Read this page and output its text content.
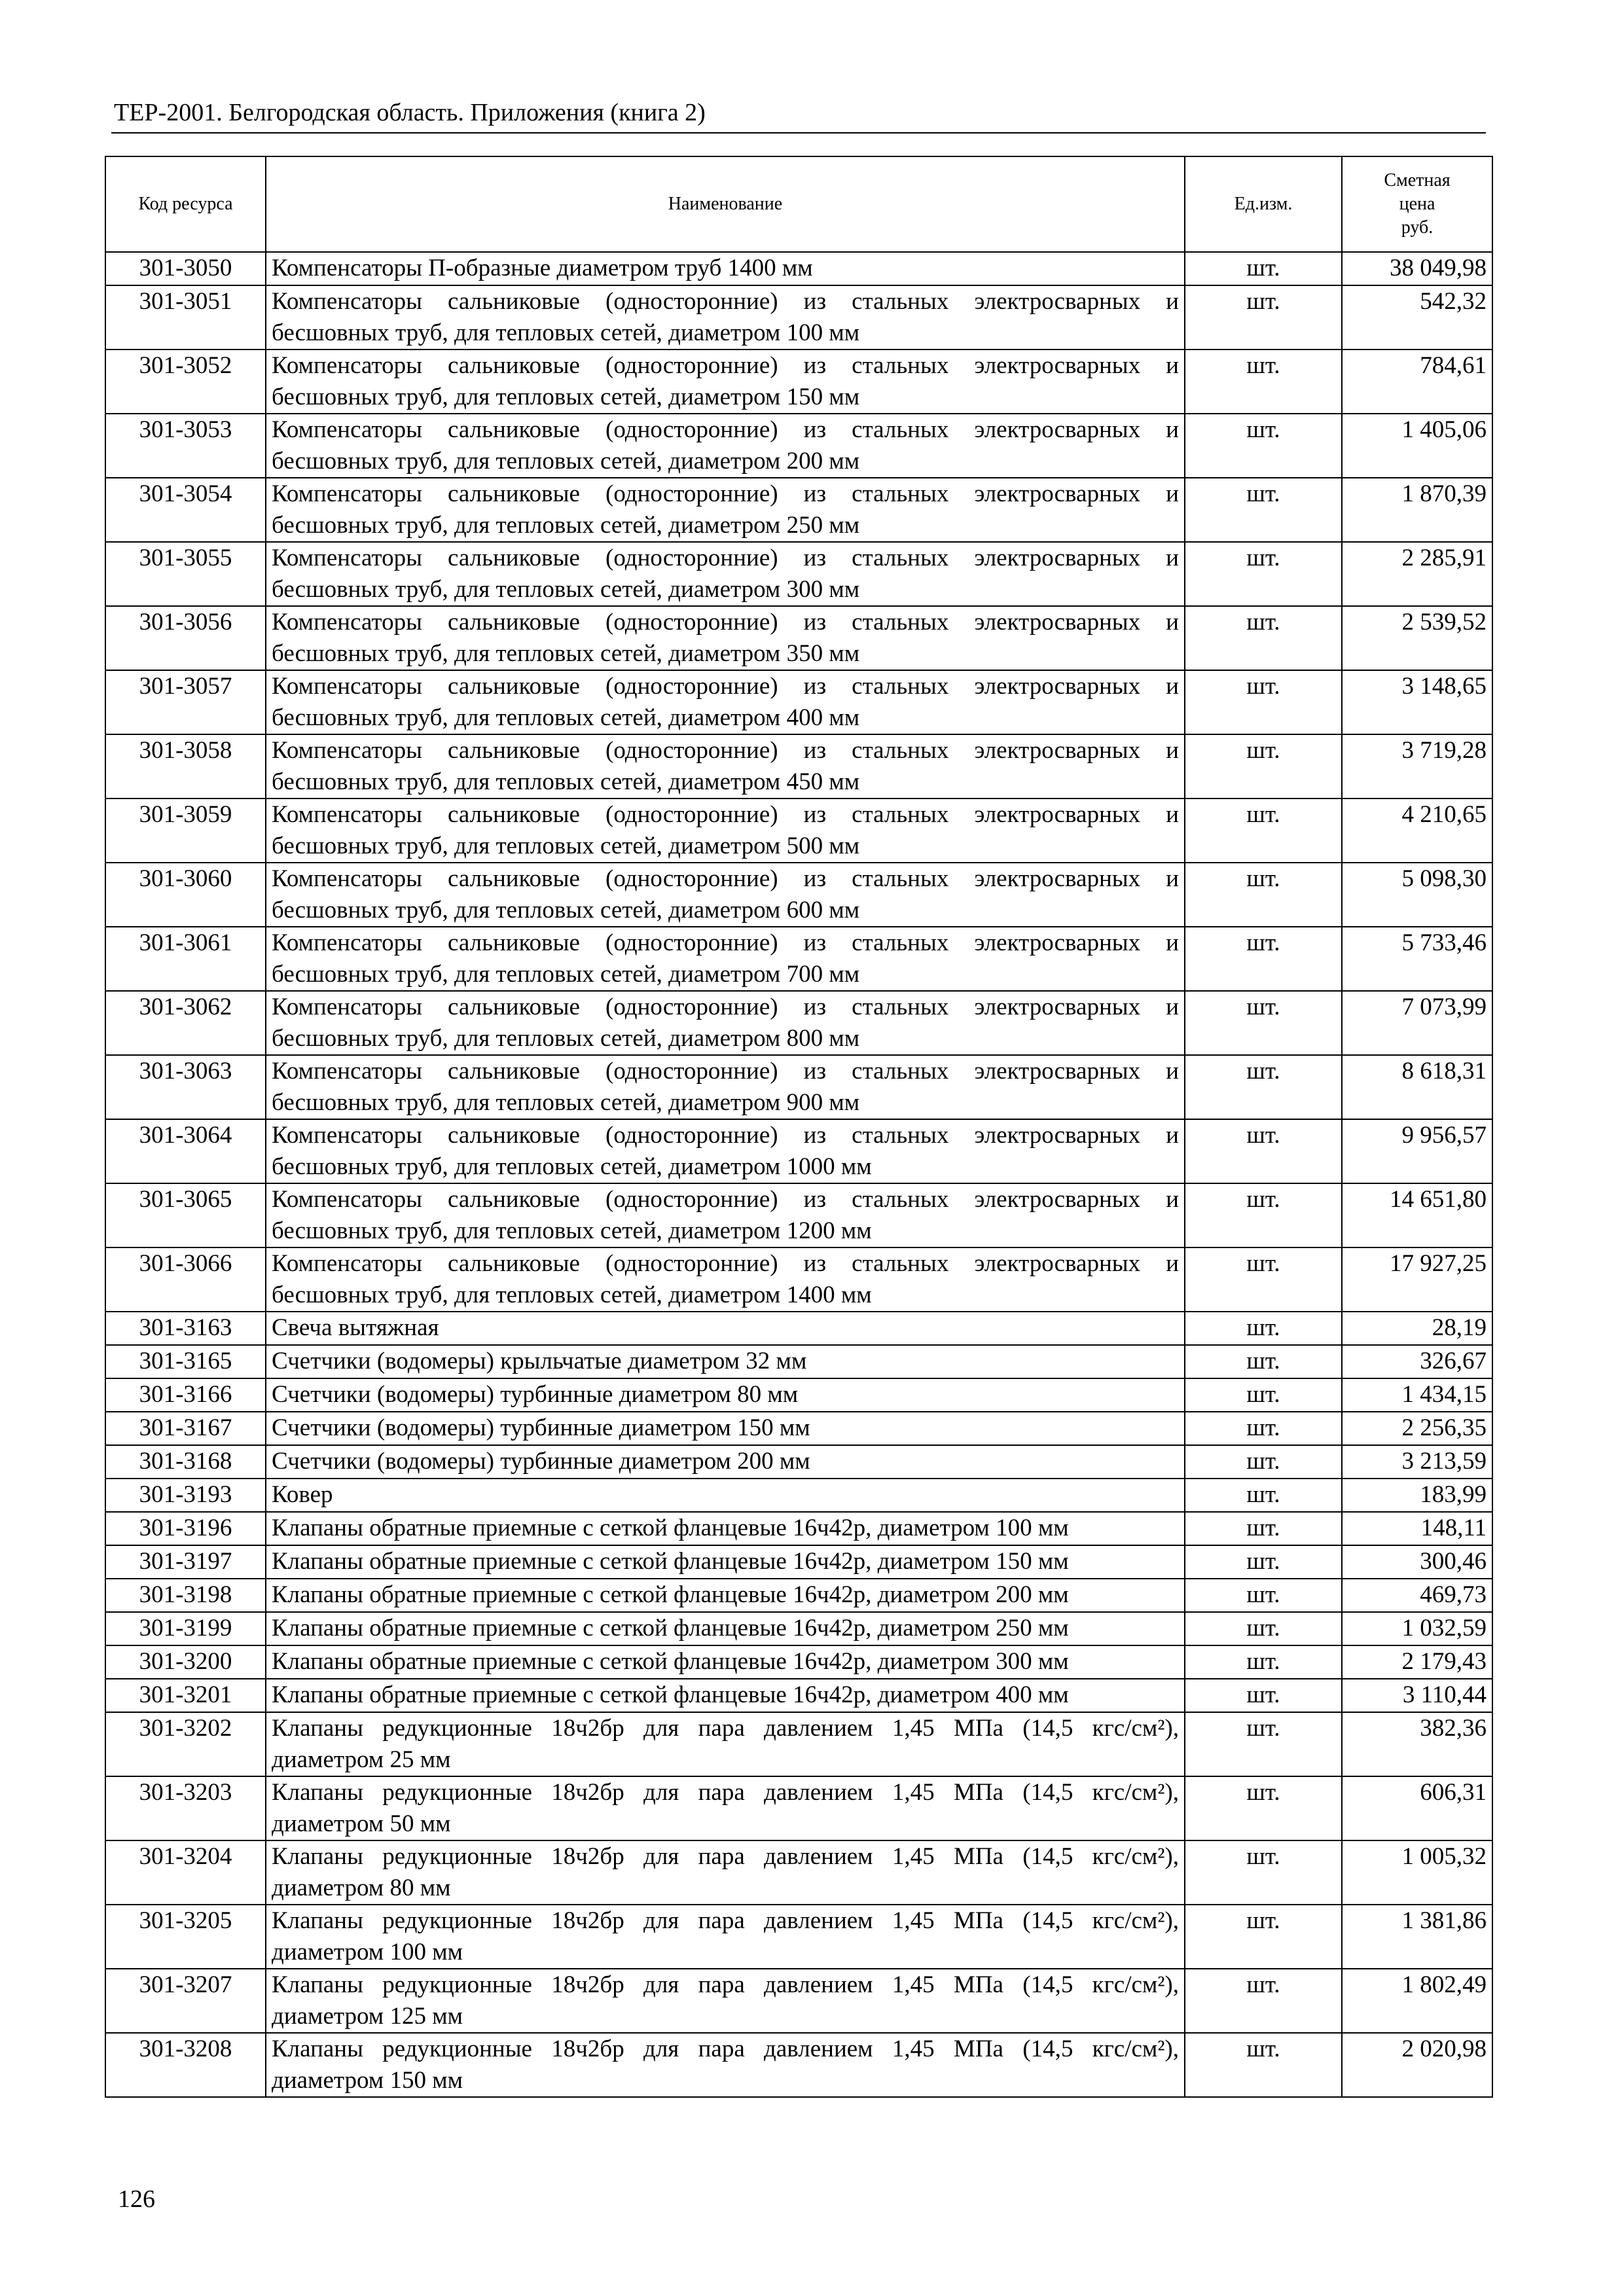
ТЕР-2001. Белгородская область. Приложения (книга 2)
Код ресурса	Наименование	Ед.изм.	Сметная
цена
руб.

301-3050	Компенсаторы П-образные диаметром труб 1400 мм	шт.	38 049,98
301-3051	Компенсаторы сальниковые (односторонние) из стальных электросварных и бесшовных труб, для тепловых сетей, диаметром 100 мм	шт.	542,32
301-3052	Компенсаторы сальниковые (односторонние) из стальных электросварных и бесшовных труб, для тепловых сетей, диаметром 150 мм	шт.	784,61
301-3053	Компенсаторы сальниковые (односторонние) из стальных электросварных и бесшовных труб, для тепловых сетей, диаметром 200 мм	шт.	1 405,06
301-3054	Компенсаторы сальниковые (односторонние) из стальных электросварных и бесшовных труб, для тепловых сетей, диаметром 250 мм	шт.	1 870,39
301-3055	Компенсаторы сальниковые (односторонние) из стальных электросварных и бесшовных труб, для тепловых сетей, диаметром 300 мм	шт.	2 285,91
301-3056	Компенсаторы сальниковые (односторонние) из стальных электросварных и бесшовных труб, для тепловых сетей, диаметром 350 мм	шт.	2 539,52
301-3057	Компенсаторы сальниковые (односторонние) из стальных электросварных и бесшовных труб, для тепловых сетей, диаметром 400 мм	шт.	3 148,65
301-3058	Компенсаторы сальниковые (односторонние) из стальных электросварных и бесшовных труб, для тепловых сетей, диаметром 450 мм	шт.	3 719,28
301-3059	Компенсаторы сальниковые (односторонние) из стальных электросварных и бесшовных труб, для тепловых сетей, диаметром 500 мм	шт.	4 210,65
301-3060	Компенсаторы сальниковые (односторонние) из стальных электросварных и бесшовных труб, для тепловых сетей, диаметром 600 мм	шт.	5 098,30
301-3061	Компенсаторы сальниковые (односторонние) из стальных электросварных и бесшовных труб, для тепловых сетей, диаметром 700 мм	шт.	5 733,46
301-3062	Компенсаторы сальниковые (односторонние) из стальных электросварных и бесшовных труб, для тепловых сетей, диаметром 800 мм	шт.	7 073,99
301-3063	Компенсаторы сальниковые (односторонние) из стальных электросварных и бесшовных труб, для тепловых сетей, диаметром 900 мм	шт.	8 618,31
301-3064	Компенсаторы сальниковые (односторонние) из стальных электросварных и бесшовных труб, для тепловых сетей, диаметром 1000 мм	шт.	9 956,57
301-3065	Компенсаторы сальниковые (односторонние) из стальных электросварных и бесшовных труб, для тепловых сетей, диаметром 1200 мм	шт.	14 651,80
301-3066	Компенсаторы сальниковые (односторонние) из стальных электросварных и бесшовных труб, для тепловых сетей, диаметром 1400 мм	шт.	17 927,25
301-3163	Свеча вытяжная	шт.	28,19
301-3165	Счетчики (водомеры) крыльчатые диаметром 32 мм	шт.	326,67
301-3166	Счетчики (водомеры) турбинные диаметром 80 мм	шт.	1 434,15
301-3167	Счетчики (водомеры) турбинные диаметром 150 мм	шт.	2 256,35
301-3168	Счетчики (водомеры) турбинные диаметром 200 мм	шт.	3 213,59
301-3193	Ковер	шт.	183,99
301-3196	Клапаны обратные приемные с сеткой фланцевые 16ч42р, диаметром 100 мм	шт.	148,11
301-3197	Клапаны обратные приемные с сеткой фланцевые 16ч42р, диаметром 150 мм	шт.	300,46
301-3198	Клапаны обратные приемные с сеткой фланцевые 16ч42р, диаметром 200 мм	шт.	469,73
301-3199	Клапаны обратные приемные с сеткой фланцевые 16ч42р, диаметром 250 мм	шт.	1 032,59
301-3200	Клапаны обратные приемные с сеткой фланцевые 16ч42р, диаметром 300 мм	шт.	2 179,43
301-3201	Клапаны обратные приемные с сеткой фланцевые 16ч42р, диаметром 400 мм	шт.	3 110,44
301-3202	Клапаны редукционные 18ч2бр для пара давлением 1,45 МПа (14,5 кгс/см²), диаметром 25 мм	шт.	382,36
301-3203	Клапаны редукционные 18ч2бр для пара давлением 1,45 МПа (14,5 кгс/см²), диаметром 50 мм	шт.	606,31
301-3204	Клапаны редукционные 18ч2бр для пара давлением 1,45 МПа (14,5 кгс/см²), диаметром 80 мм	шт.	1 005,32
301-3205	Клапаны редукционные 18ч2бр для пара давлением 1,45 МПа (14,5 кгс/см²), диаметром 100 мм	шт.	1 381,86
301-3207	Клапаны редукционные 18ч2бр для пара давлением 1,45 МПа (14,5 кгс/см²), диаметром 125 мм	шт.	1 802,49
301-3208	Клапаны редукционные 18ч2бр для пара давлением 1,45 МПа (14,5 кгс/см²), диаметром 150 мм	шт.	2 020,98
126
